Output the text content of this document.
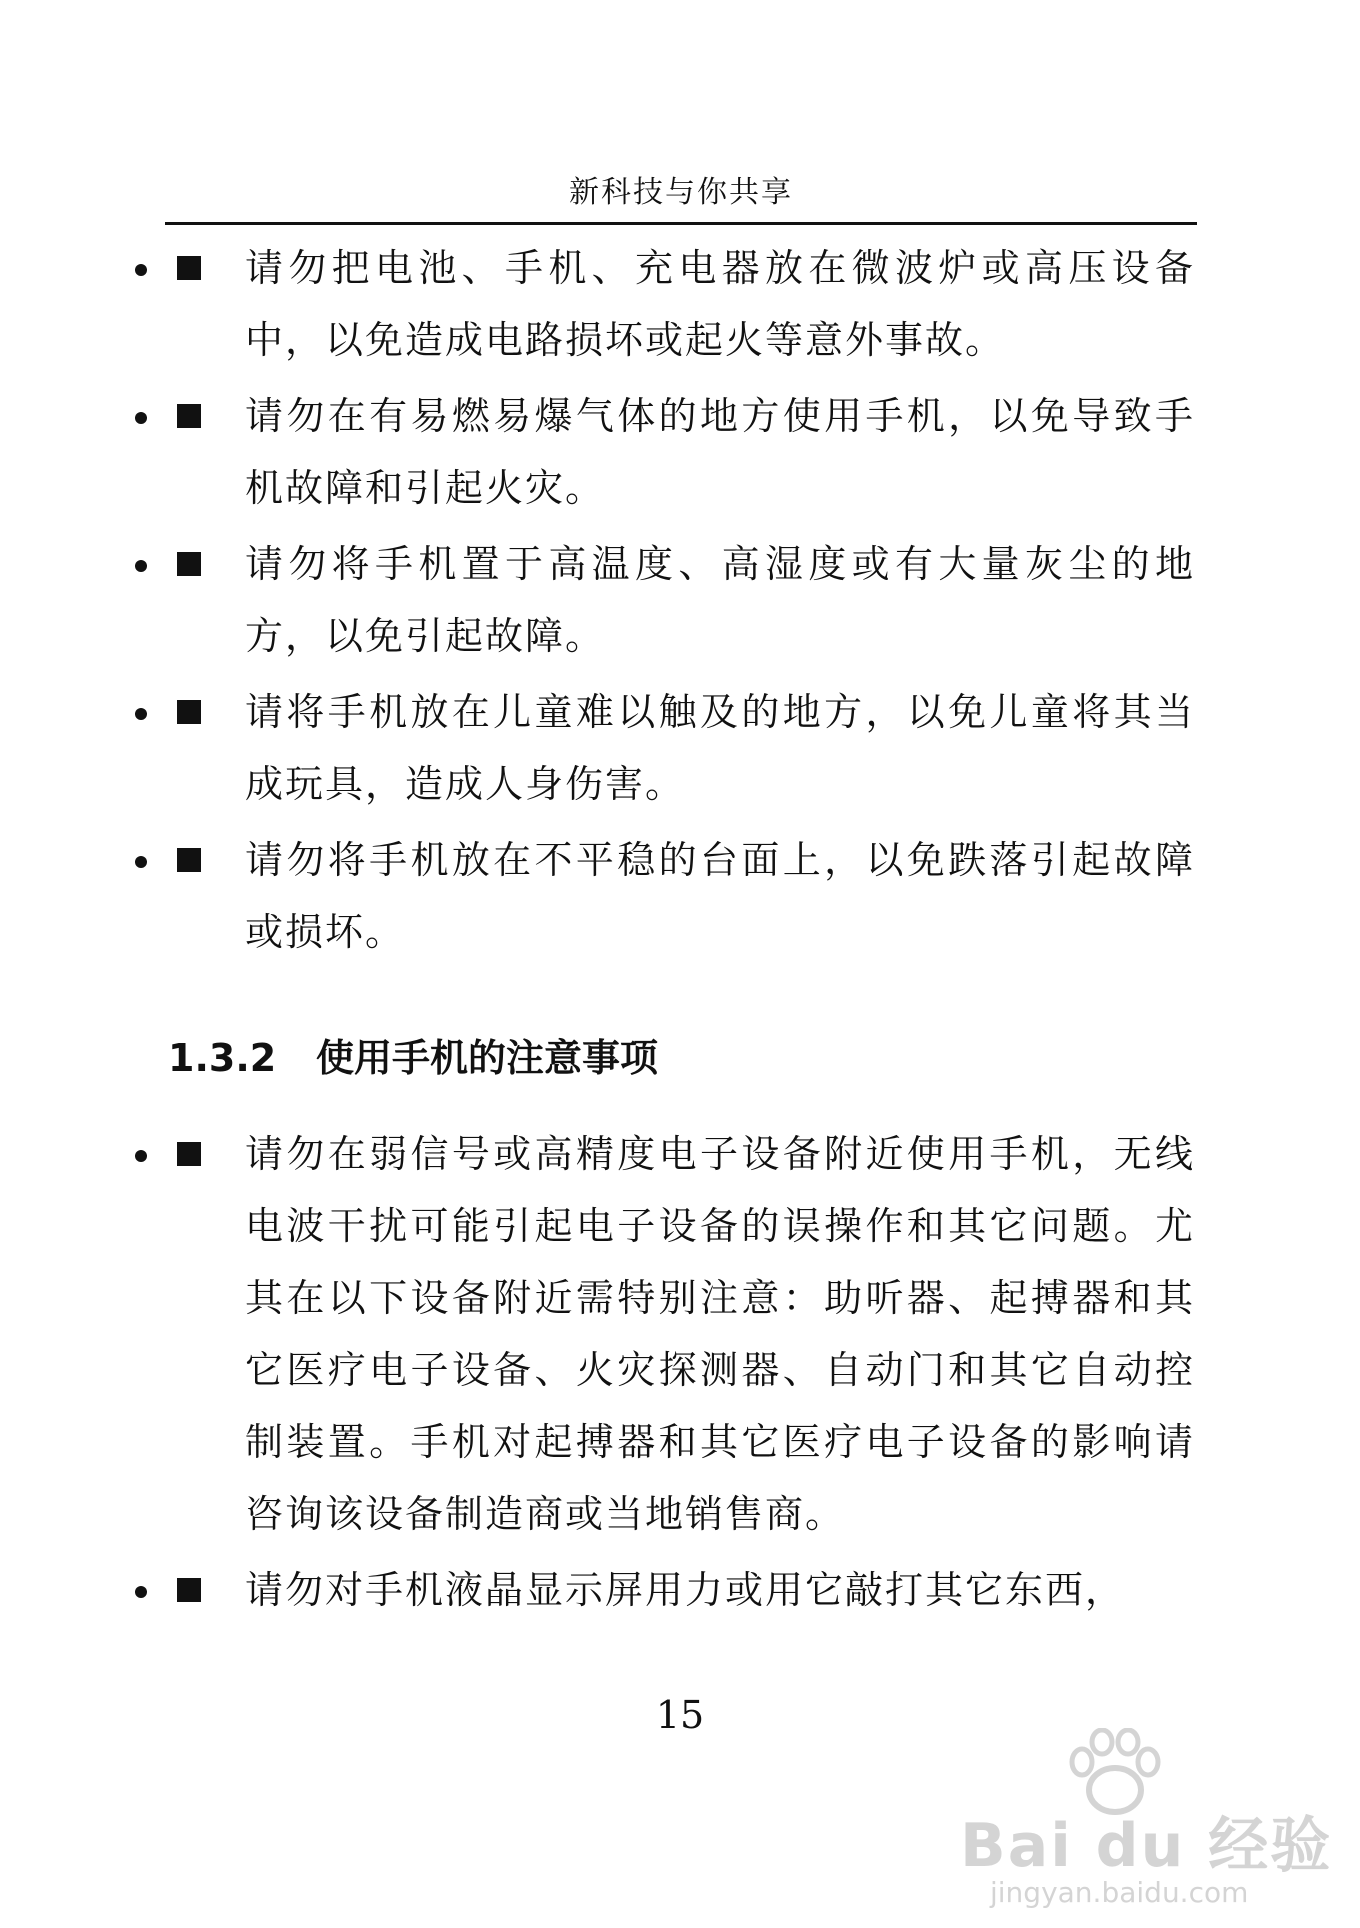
新科技与你共享
• 请勿把电池、手机、充电器放在微波炉或高压设备中，以免造成电路损坏或起火等意外事故。
• 请勿在有易燃易爆气体的地方使用手机，以免导致手机故障和引起火灾。
• 请勿将手机置于高温度、高湿度或有大量灰尘的地方，以免引起故障。
• 请将手机放在儿童难以触及的地方，以免儿童将其当成玩具，造成人身伤害。
• 请勿将手机放在不平稳的台面上，以免跌落引起故障或损坏。
1.3.2 使用手机的注意事项
• 请勿在弱信号或高精度电子设备附近使用手机，无线电波干扰可能引起电子设备的误操作和其它问题。尤其在以下设备附近需特别注意：助听器、起搏器和其它医疗电子设备、火灾探测器、自动门和其它自动控制装置。手机对起搏器和其它医疗电子设备的影响请咨询该设备制造商或当地销售商。
• 请勿对手机液晶显示屏用力或用它敲打其它东西，
15
Bai du 经验
jingyan.baidu.com
